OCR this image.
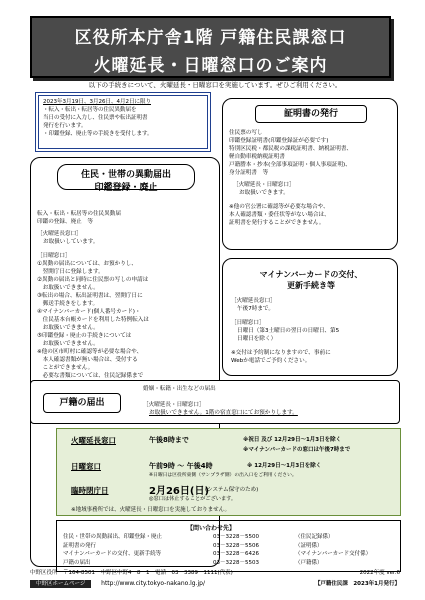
区役所本庁舎1階 戸籍住民課窓口
火曜延長・日曜窓口のご案内
以下の手続きについて、火曜延長・日曜窓口を実施しています。ぜひご利用ください。
2023年3月19日、3月26日、4月2日に限り
・転入・転出・転居等の住民異動届を
当日の受付に入力し、住民票や転出証明書
発行を行います。
・印鑑登録、廃止等の手続きを受付します。
証明書の発行
住民票の写し
印鑑登録証明書(印鑑登録証が必要です)
特別区民税・都民税の課税証明書、納税証明書、
軽自動車税納税証明書
戸籍謄本・抄本(全部事項証明・個人事項証明)、
身分証明書　等
［火曜延長・日曜窓口］
お取扱いできます。
※他の官公署に確認等が必要な場合や、
本人確認書類・委任状等がない場合は、
証明書を発行することができません。
住民・世帯の異動届出
印鑑登録・廃止
転入・転出・転居等の住民異動届
印鑑の登録、廃止　等
［火曜延長窓口］
お取扱いしています。
［日曜窓口］
①異動の届出については、お預かりし、
　翌開庁日に登録します。
②異動の届出と同時に住民票の写しの申請は
　お取扱いできません。
③転出の場合、転出証明書は、翌開庁日に
　郵送手続きをします。
④マイナンバーカード(個人番号カード)・
　住民基本台帳カードを利用した特例転入は
　お取扱いできません。
⑤印鑑登録・廃止の手続きについては
　お取扱いできません。
※他の区市町村に確認等が必要な場合や、
　本人確認書類が無い場合は、受付する
　ことができません。
　必要な書類については、住民記録係まで

マイナンバーカードの交付、
更新手続き等
［火曜延長窓口］
午後7時まで。
［日曜窓口］
日曜日（第3土曜日の翌日の日曜日、第5
日曜日を除く）
※交付は予約制になりますので、事前に
Webか電話でご予約ください。
戸籍の届出
婚姻・転籍・出生などの届出
［火曜延長・日曜窓口］
お取扱いできません。1階の宿直窓口にてお預かりします。
火曜延長窓口	午後8時まで	※祝日 及び 12月29日～1月3日を除く
※マイナンバーカードの窓口は午後7時まで
日曜窓口	午前9時 ～ 午後4時	※ 12月29日～1月3日を除く
※日曜日は区役所東側（サンプラザ側）の出入口をご利用ください。
臨時閉庁日	2月26日(日)
(システム保守のため)
◎窓口は休止することがございます。
※地域事務所では、火曜延長・日曜窓口を実施しておりません。
【問い合わせ先】
住民・世帯の異動届出、印鑑登録・廃止	03－3228－5500	（住民記録係）
証明書の発行	03－3228－5506	（証明係）
マイナンバーカードの交付、更新手続等	03－3228－6426	（マイナンバーカード交付係）
戸籍の届出	03－3228－5503	（戸籍係）
中野区役所　〒164-8501　中野区中野4－8－1　電話　03－3389－1111(代表)	2022年度 ver.6
中野区ホームページ	http://www.city.tokyo-nakano.lg.jp/	【戸籍住民課　2023年1月発行】
